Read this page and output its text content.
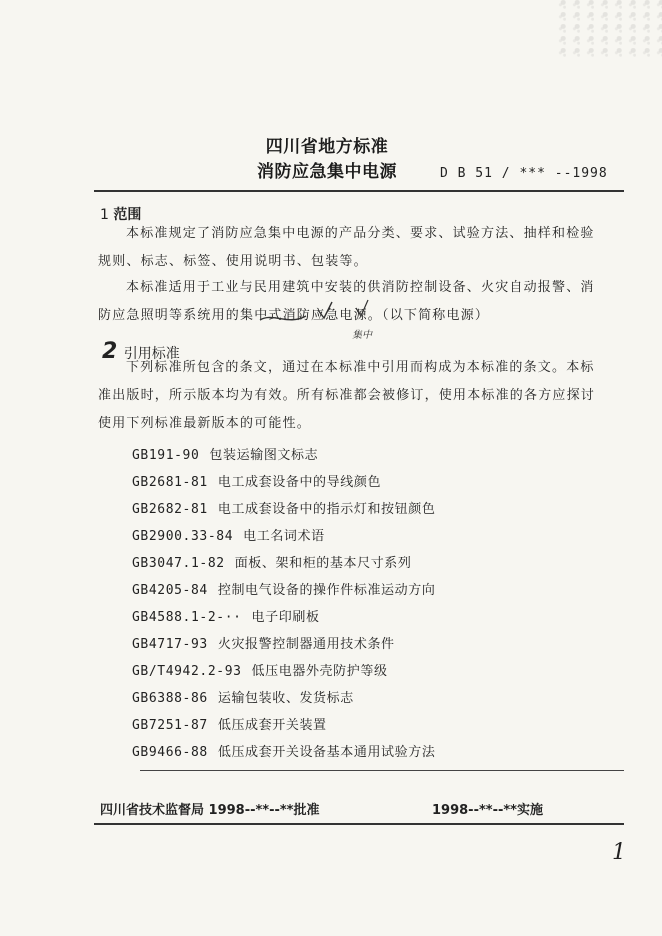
四川省地方标准
消防应急集中电源	D B 51 / *** --1998
1 范围
本标准规定了消防应急集中电源的产品分类、要求、试验方法、抽样和检验规则、标志、标签、使用说明书、包装等。
本标准适用于工业与民用建筑中安装的供消防控制设备、火灾自动报警、消防应急照明等系统用的集中式消防应急电源。（以下简称电源）
集中
2 引用标准
下列标准所包含的条文，通过在本标准中引用而构成为本标准的条文。本标准出版时，所示版本均为有效。所有标准都会被修订，使用本标准的各方应探讨使用下列标准最新版本的可能性。
GB191-90 包装运输图文标志
GB2681-81 电工成套设备中的导线颜色
GB2682-81 电工成套设备中的指示灯和按钮颜色
GB2900.33-84 电工名词术语
GB3047.1-82 面板、架和柜的基本尺寸系列
GB4205-84 控制电气设备的操作件标准运动方向
GB4588.1-2-·· 电子印刷板
GB4717-93 火灾报警控制器通用技术条件
GB/T4942.2-93 低压电器外壳防护等级
GB6388-86 运输包装收、发货标志
GB7251-87 低压成套开关装置
GB9466-88 低压成套开关设备基本通用试验方法
四川省技术监督局 1998--**--**批准	1998--**--**实施
1
